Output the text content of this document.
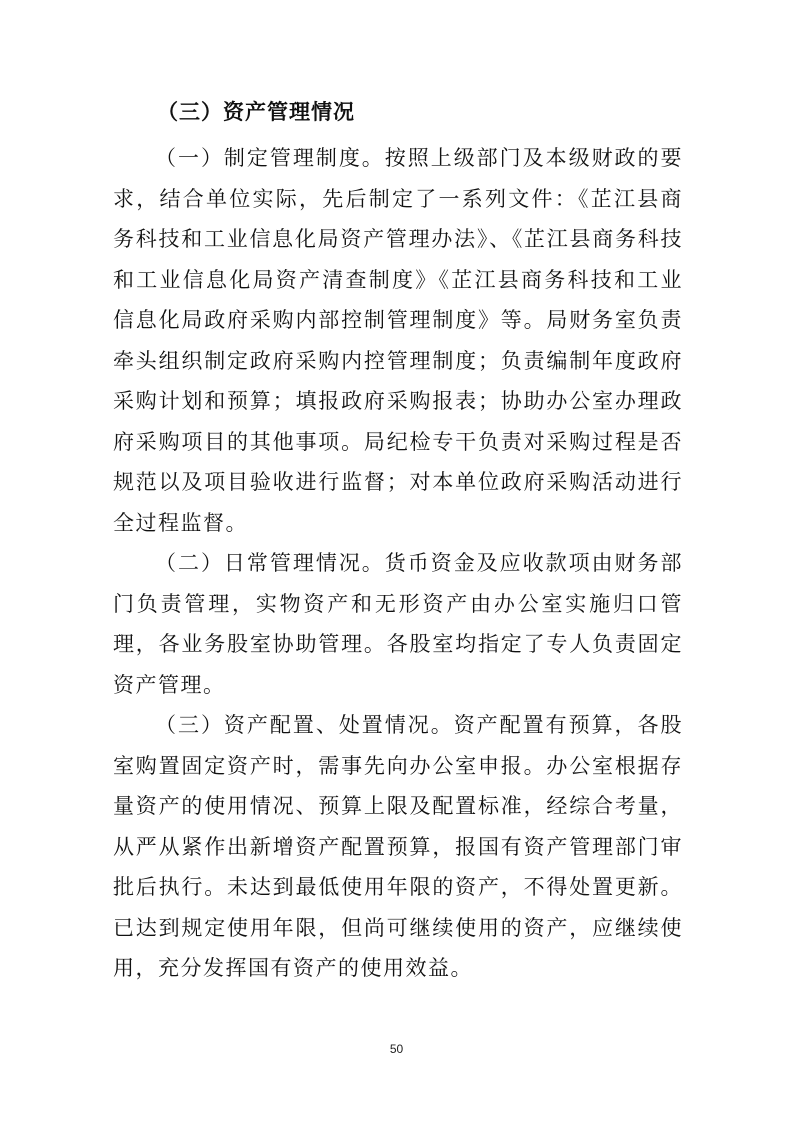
（三）资产管理情况

（一）制定管理制度。按照上级部门及本级财政的要求，结合单位实际，先后制定了一系列文件：《芷江县商务科技和工业信息化局资产管理办法》、《芷江县商务科技和工业信息化局资产清查制度》《芷江县商务科技和工业信息化局政府采购内部控制管理制度》等。局财务室负责牵头组织制定政府采购内控管理制度；负责编制年度政府采购计划和预算；填报政府采购报表；协助办公室办理政府采购项目的其他事项。局纪检专干负责对采购过程是否规范以及项目验收进行监督；对本单位政府采购活动进行全过程监督。

（二）日常管理情况。货币资金及应收款项由财务部门负责管理，实物资产和无形资产由办公室实施归口管理，各业务股室协助管理。各股室均指定了专人负责固定资产管理。

（三）资产配置、处置情况。资产配置有预算，各股室购置固定资产时，需事先向办公室申报。办公室根据存量资产的使用情况、预算上限及配置标准，经综合考量，从严从紧作出新增资产配置预算，报国有资产管理部门审批后执行。未达到最低使用年限的资产，不得处置更新。已达到规定使用年限，但尚可继续使用的资产，应继续使用，充分发挥国有资产的使用效益。

50
